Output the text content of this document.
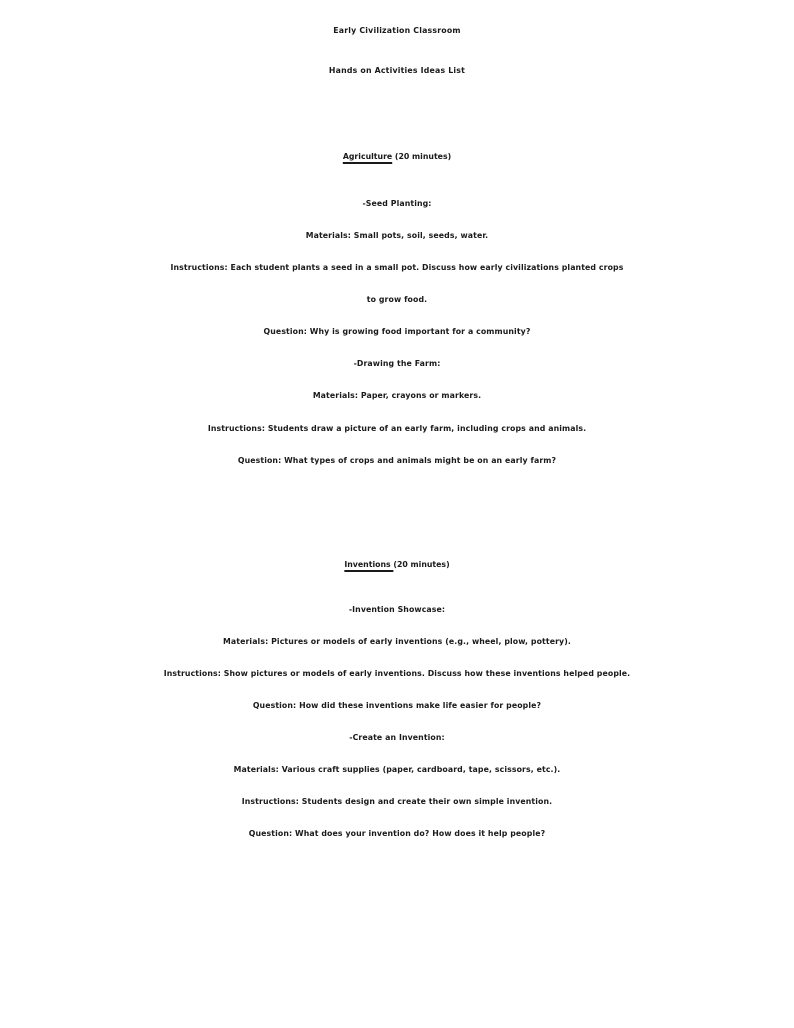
Early Civilization Classroom
Hands on Activities Ideas List
Agriculture (20 minutes)
-Seed Planting:
Materials: Small pots, soil, seeds, water.
Instructions: Each student plants a seed in a small pot. Discuss how early civilizations planted crops
to grow food.
Question: Why is growing food important for a community?
-Drawing the Farm:
Materials: Paper, crayons or markers.
Instructions: Students draw a picture of an early farm, including crops and animals.
Question: What types of crops and animals might be on an early farm?
Inventions (20 minutes)
-Invention Showcase:
Materials: Pictures or models of early inventions (e.g., wheel, plow, pottery).
Instructions: Show pictures or models of early inventions. Discuss how these inventions helped people.
Question: How did these inventions make life easier for people?
-Create an Invention:
Materials: Various craft supplies (paper, cardboard, tape, scissors, etc.).
Instructions: Students design and create their own simple invention.
Question: What does your invention do? How does it help people?
